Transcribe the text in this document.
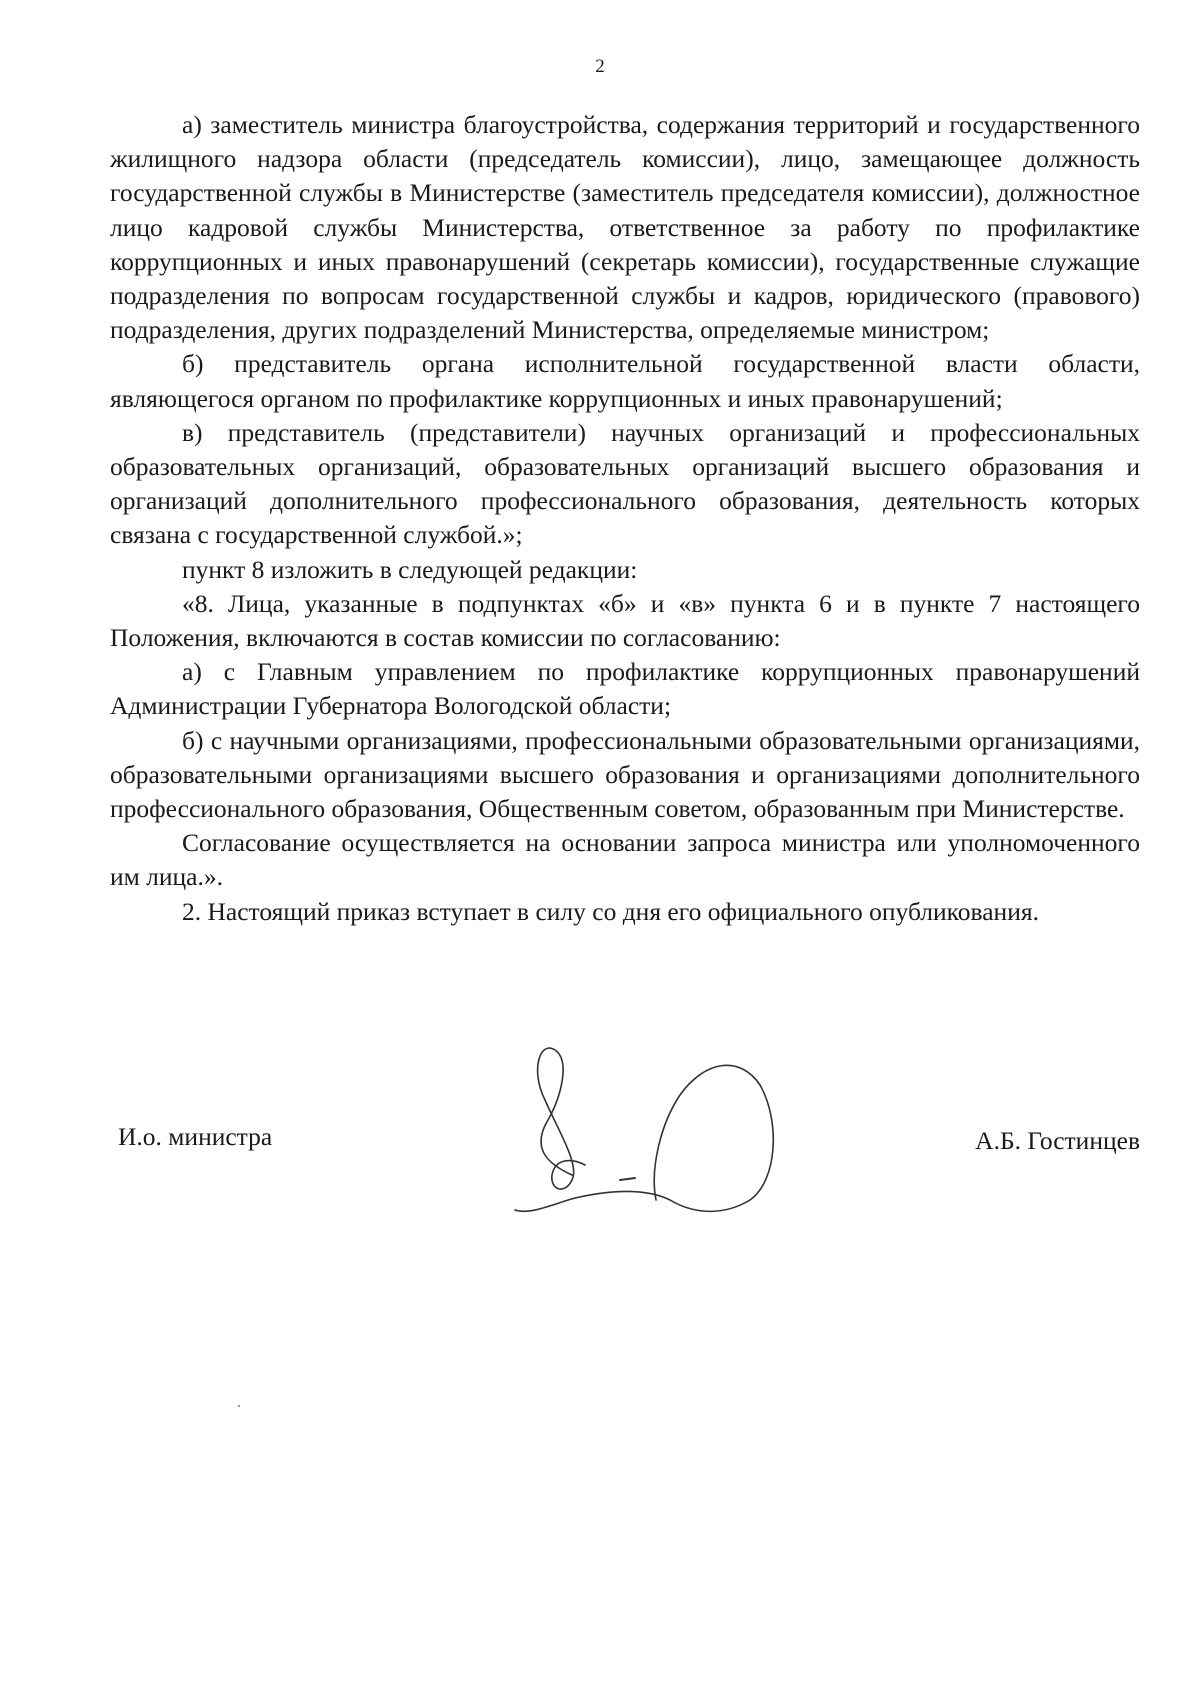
2

а) заместитель министра благоустройства, содержания территорий и государственного жилищного надзора области (председатель комиссии), лицо, замещающее должность государственной службы в Министерстве (заместитель председателя комиссии), должностное лицо кадровой службы Министерства, ответственное за работу по профилактике коррупционных и иных правонарушений (секретарь комиссии), государственные служащие подразделения по вопросам государственной службы и кадров, юридического (правового) подразделения, других подразделений Министерства, определяемые министром;

б) представитель органа исполнительной государственной власти области, являющегося органом по профилактике коррупционных и иных правонарушений;

в) представитель (представители) научных организаций и профессиональных образовательных организаций, образовательных организаций высшего образования и организаций дополнительного профессионального образования, деятельность которых связана с государственной службой.»;

пункт 8 изложить в следующей редакции:

«8. Лица, указанные в подпунктах «б» и «в» пункта 6 и в пункте 7 настоящего Положения, включаются в состав комиссии по согласованию:

а) с Главным управлением по профилактике коррупционных правонарушений Администрации Губернатора Вологодской области;

б) с научными организациями, профессиональными образовательными организациями, образовательными организациями высшего образования и организациями дополнительного профессионального образования, Общественным советом, образованным при Министерстве.

Согласование осуществляется на основании запроса министра или уполномоченного им лица.».

2. Настоящий приказ вступает в силу со дня его официального опубликования.

И.о. министра	А.Б. Гостинцев
